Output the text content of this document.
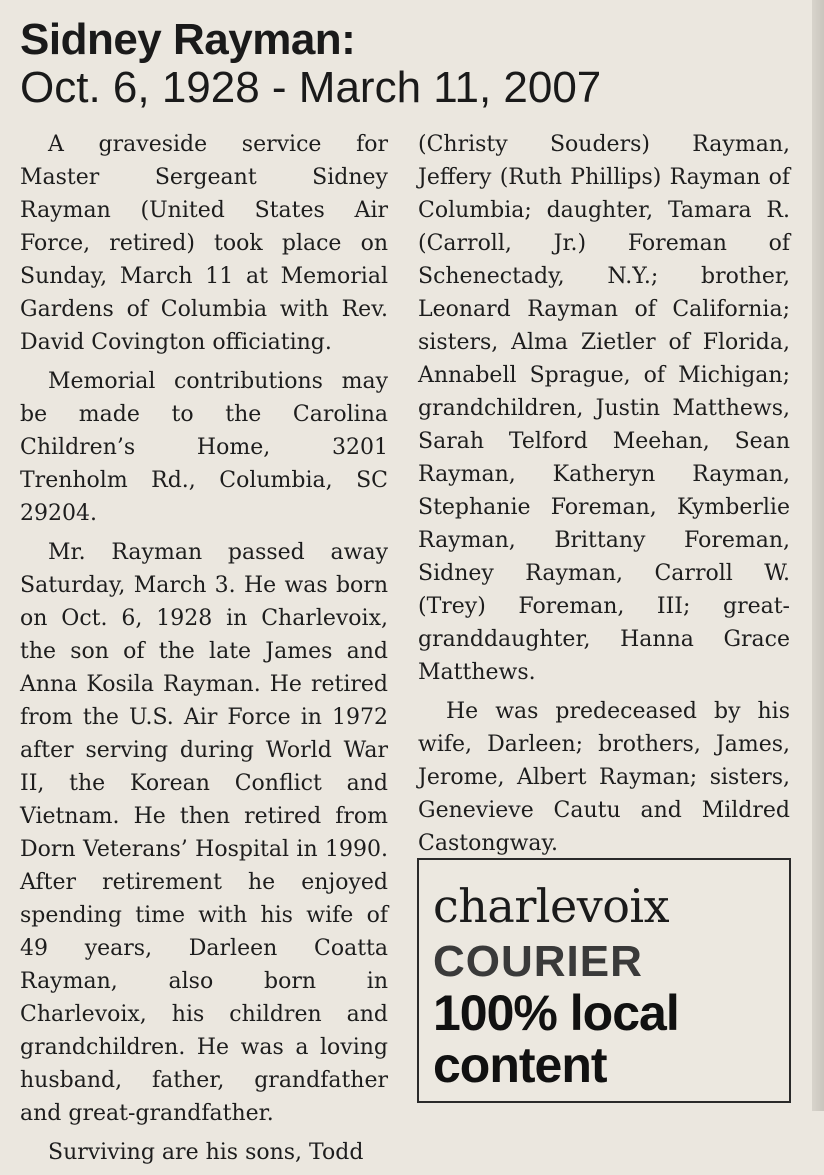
Sidney Rayman:
Oct. 6, 1928 - March 11, 2007

A graveside service for Master Sergeant Sidney Rayman (United States Air Force, retired) took place on Sunday, March 11 at Memorial Gardens of Columbia with Rev. David Covington officiating.

Memorial contributions may be made to the Carolina Children’s Home, 3201 Trenholm Rd., Columbia, SC 29204.

Mr. Rayman passed away Saturday, March 3. He was born on Oct. 6, 1928 in Charlevoix, the son of the late James and Anna Kosila Rayman. He retired from the U.S. Air Force in 1972 after serving during World War II, the Korean Conflict and Vietnam. He then retired from Dorn Veterans’ Hospital in 1990. After retirement he enjoyed spending time with his wife of 49 years, Darleen Coatta Rayman, also born in Charlevoix, his children and grandchildren. He was a loving husband, father, grandfather and great-grandfather.

Surviving are his sons, Todd

(Christy Souders) Rayman, Jeffery (Ruth Phillips) Rayman of Columbia; daughter, Tamara R. (Carroll, Jr.) Foreman of Schenectady, N.Y.; brother, Leonard Rayman of California; sisters, Alma Zietler of Florida, Annabell Sprague, of Michigan; grandchildren, Justin Matthews, Sarah Telford Meehan, Sean Rayman, Katheryn Rayman, Stephanie Foreman, Kymberlie Rayman, Brittany Foreman, Sidney Rayman, Carroll W. (Trey) Foreman, III; great-granddaughter, Hanna Grace Matthews.

He was predeceased by his wife, Darleen; brothers, James, Jerome, Albert Rayman; sisters, Genevieve Cautu and Mildred Castongway.

charlevoix
COURIER
100% local
content
